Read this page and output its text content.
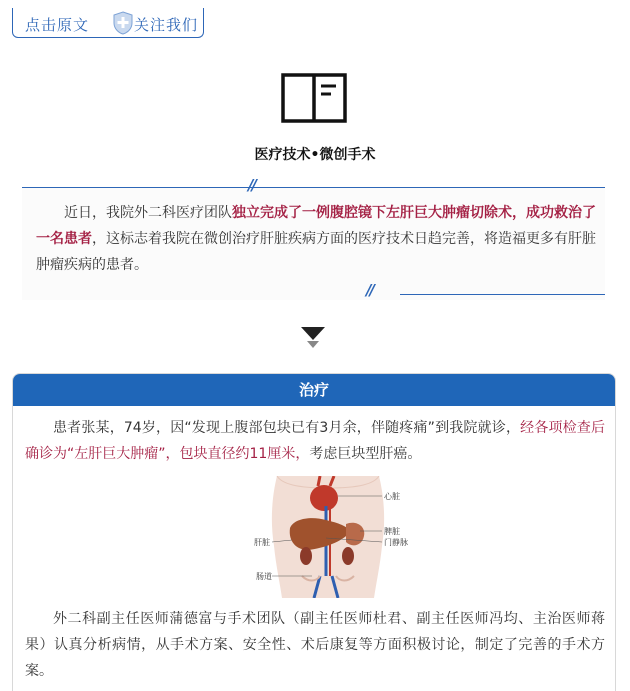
点击原文	关注我们
医疗技术•微创手术
//

近日，我院外二科医疗团队独立完成了一例腹腔镜下左肝巨大肿瘤切除术，成功救治了一名患者，这标志着我院在微创治疗肝脏疾病方面的医疗技术日趋完善，将造福更多有肝脏肿瘤疾病的患者。

//
治疗

患者张某，74岁，因“发现上腹部包块已有3月余，伴随疼痛”到我院就诊，经各项检查后确诊为“左肝巨大肿瘤”，包块直径约11厘米，考虑巨块型肝癌。

心脏
脾脏
门静脉
肝脏
肠道

外二科副主任医师蒲德富与手术团队（副主任医师杜君、副主任医师冯均、主治医师蒋果）认真分析病情，从手术方案、安全性、术后康复等方面积极讨论，制定了完善的手术方案。
